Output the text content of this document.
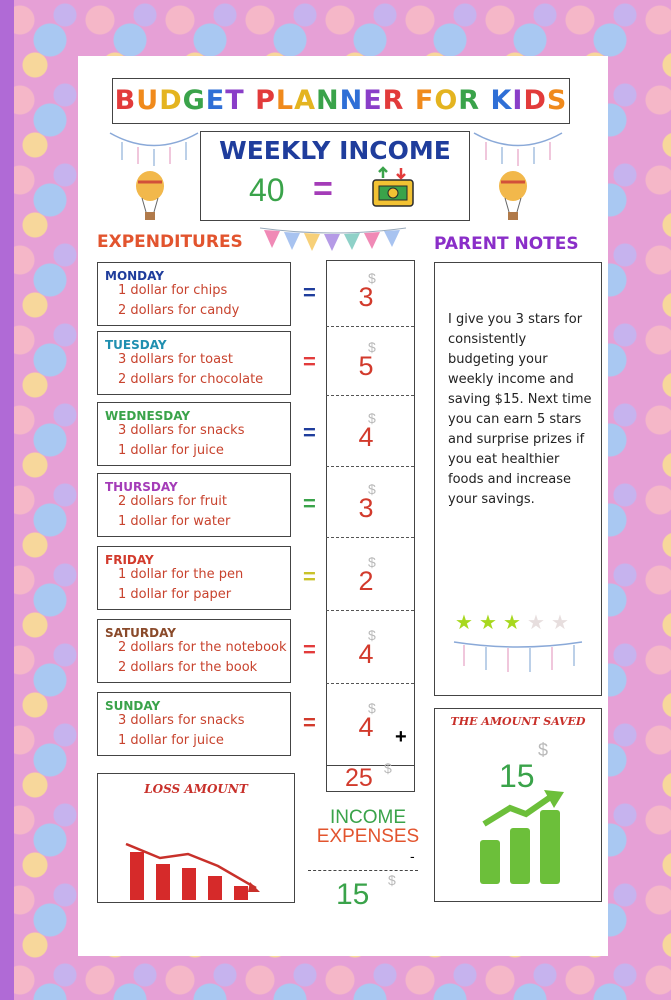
BUDGET PLANNER FOR KIDS
WEEKLY INCOME
40 =
EXPENDITURES	PARENT NOTES
MONDAY
1 dollar for chips
2 dollars for candy
=
TUESDAY
3 dollars for toast
2 dollars for chocolate
=
WEDNESDAY
3 dollars for snacks
1 dollar for juice
=
THURSDAY
2 dollars for fruit
1 dollar for water
=
FRIDAY
1 dollar for the pen
1 dollar for paper
=
SATURDAY
2 dollars for the notebook
2 dollars for the book
=
SUNDAY
3 dollars for snacks
1 dollar for juice
=
3
$
5
$
4
$
3
$
2
$
4
$
4
$
+
25 $
I give you 3 stars for consistently budgeting your weekly income and saving $15. Next time you can earn 5 stars and surprise prizes if you eat healthier foods and increase your savings.
★ ★ ★ ★ ★
LOSS AMOUNT
INCOME
EXPENSES
-
15 $
THE AMOUNT SAVED
15
$
